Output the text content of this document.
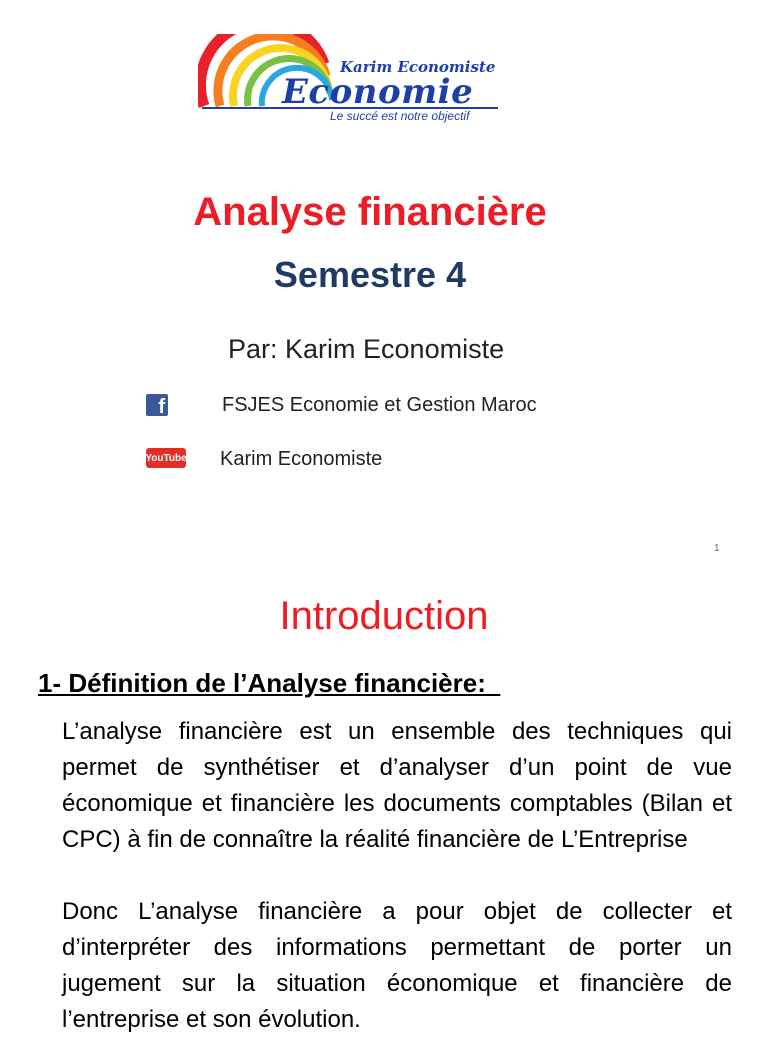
Karim Economiste
Economie
Le succé est notre objectif
Analyse financière
Semestre 4
Par: Karim Economiste
f	FSJES Economie et Gestion Maroc
YouTube Karim Economiste
1
Introduction
1- Définition de l’Analyse financière:
L’analyse financière est un ensemble des techniques qui permet de synthétiser et d’analyser d’un point de vue économique et financière les documents comptables (Bilan et CPC) à fin de connaître la réalité financière de L’Entreprise
Donc L’analyse financière a pour objet de collecter et d’interpréter des informations permettant de porter un jugement sur la situation économique et financière de l’entreprise et son évolution.
